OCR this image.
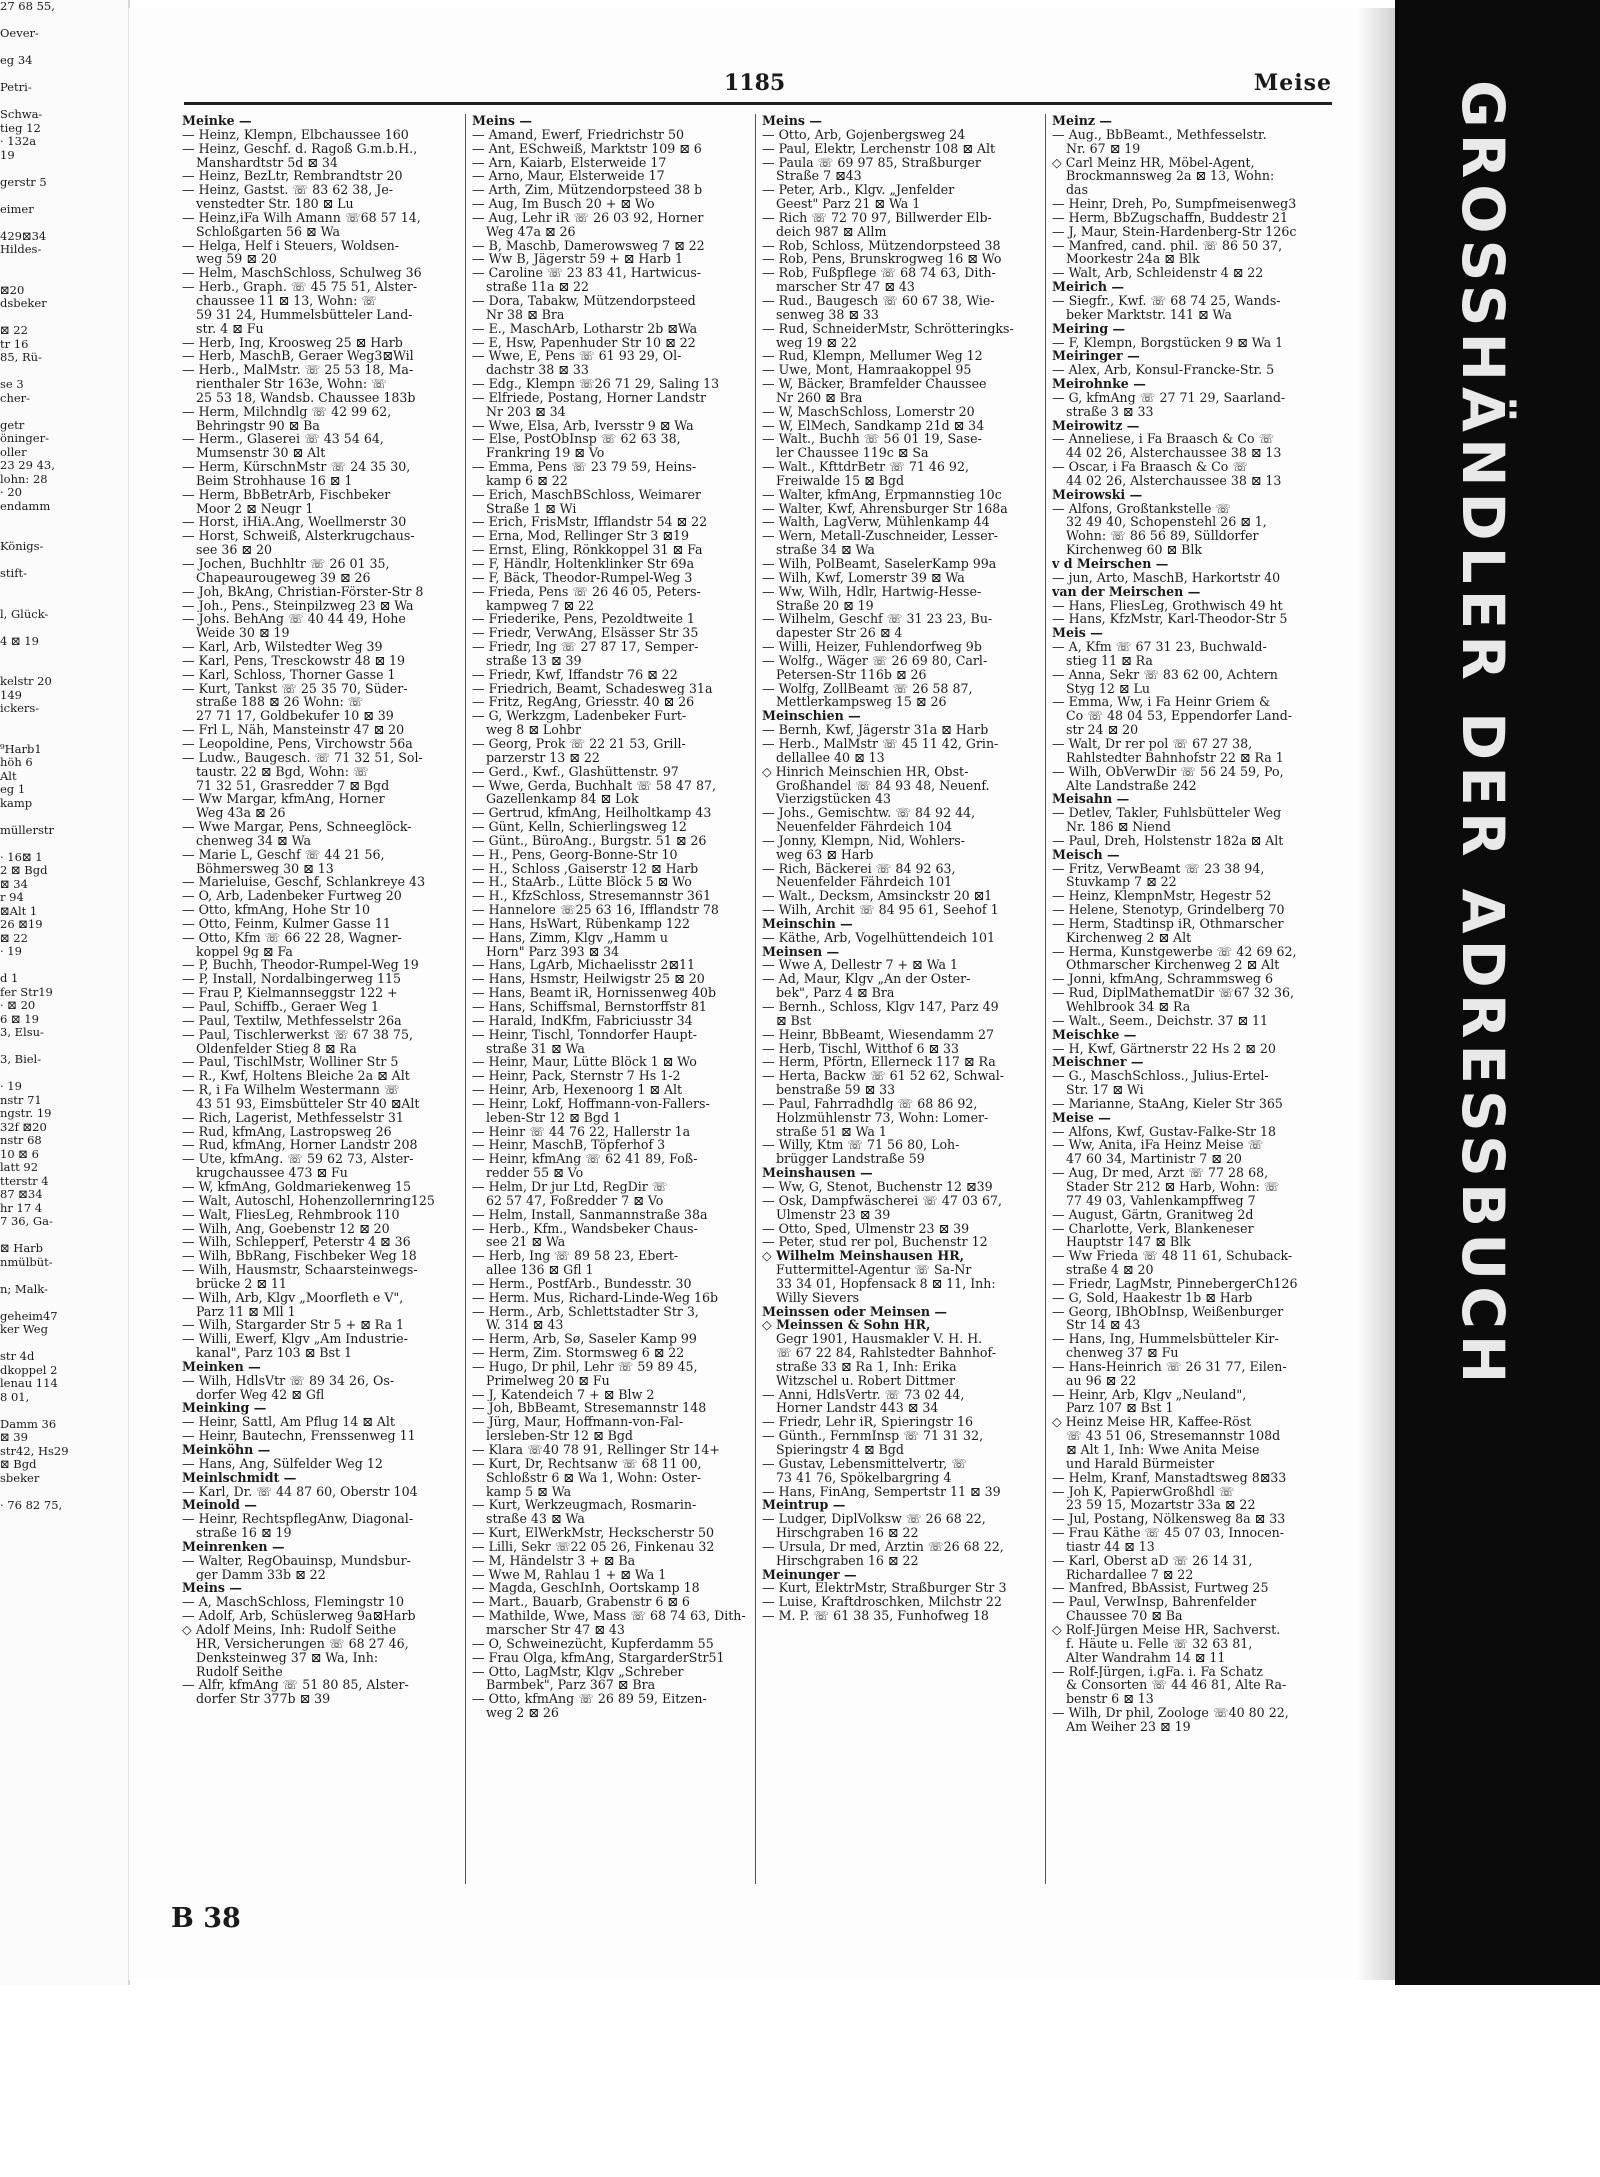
27 68 55,

Oever-

eg 34

Petri-

Schwa-
tieg 12
· 132a
19

gerstr 5

eimer

429⊠34
Hildes-

⊠20
dsbeker

⊠ 22
tr 16
85, Rü-

se 3
cher-

getr
öninger-
oller
23 29 43,
lohn: 28
· 20
endamm

Königs-

stift-

l, Glück-

4 ⊠ 19

kelstr 20
149
ickers-

⁹Harb1
höh 6
Alt
eg 1
kamp

müllerstr

· 16⊠ 1
2 ⊠ Bgd
⊠ 34
r 94
⊠Alt 1
26 ⊠19
⊠ 22
· 19

d 1
fer Str19
· ⊠ 20
6 ⊠ 19
3, Elsu-

3, Biel-

· 19
nstr 71
ngstr. 19
32f ⊠20
nstr 68
10 ⊠ 6
latt 92
tterstr 4
87 ⊠34
hr 17 4
7 36, Ga-

⊠ Harb
nmülbüt-

n; Malk-

geheim47
ker Weg

str 4d
dkoppel 2
lenau 114
8 01,

Damm 36
⊠ 39
str42, Hs29
⊠ Bgd
sbeker

· 76 82 75,
1185	Meise
Meinke —
— Heinz, Klempn, Elbchaussee 160
— Heinz, Geschf. d. Ragoß G.m.b.H.,
Manshardtstr 5d ⊠ 34
— Heinz, BezLtr, Rembrandtstr 20
— Heinz, Gastst. ☏ 83 62 38, Je-
venstedter Str. 180 ⊠ Lu
— Heinz,iFa Wilh Amann ☏68 57 14,
Schloßgarten 56 ⊠ Wa
— Helga, Helf i Steuers, Woldsen-
weg 59 ⊠ 20
— Helm, MaschSchloss, Schulweg 36
— Herb., Graph. ☏ 45 75 51, Alster-
chaussee 11 ⊠ 13, Wohn: ☏
59 31 24, Hummelsbütteler Land-
str. 4 ⊠ Fu
— Herb, Ing, Kroosweg 25 ⊠ Harb
— Herb, MaschB, Geraer Weg3⊠Wil
— Herb., MalMstr. ☏ 25 53 18, Ma-
rienthaler Str 163e, Wohn: ☏
25 53 18, Wandsb. Chaussee 183b
— Herm, Milchndlg ☏ 42 99 62,
Behringstr 90 ⊠ Ba
— Herm., Glaserei ☏ 43 54 64,
Mumsenstr 30 ⊠ Alt
— Herm, KürschnMstr ☏ 24 35 30,
Beim Strohhause 16 ⊠ 1
— Herm, BbBetrArb, Fischbeker
Moor 2 ⊠ Neugr 1
— Horst, iHiA.Ang, Woellmerstr 30
— Horst, Schweiß, Alsterkrugchaus-
see 36 ⊠ 20
— Jochen, Buchhltr ☏ 26 01 35,
Chapeaurougeweg 39 ⊠ 26
— Joh, BkAng, Christian-Förster-Str 8
— Joh., Pens., Steinpilzweg 23 ⊠ Wa
— Johs. BehAng ☏ 40 44 49, Hohe
Weide 30 ⊠ 19
— Karl, Arb, Wilstedter Weg 39
— Karl, Pens, Tresckowstr 48 ⊠ 19
— Karl, Schloss, Thorner Gasse 1
— Kurt, Tankst ☏ 25 35 70, Süder-
straße 188 ⊠ 26 Wohn: ☏
27 71 17, Goldbekufer 10 ⊠ 39
— Frl L, Näh, Mansteinstr 47 ⊠ 20
— Leopoldine, Pens, Virchowstr 56a
— Ludw., Baugesch. ☏ 71 32 51, Sol-
taustr. 22 ⊠ Bgd, Wohn: ☏
71 32 51, Grasredder 7 ⊠ Bgd
— Ww Margar, kfmAng, Horner
Weg 43a ⊠ 26
— Wwe Margar, Pens, Schneeglöck-
chenweg 34 ⊠ Wa
— Marie L, Geschf ☏ 44 21 56,
Böhmersweg 30 ⊠ 13
— Marieluise, Geschf, Schlankreye 43
— O, Arb, Ladenbeker Furtweg 20
— Otto, kfmAng, Hohe Str 10
— Otto, Feinm, Kulmer Gasse 11
— Otto, Kfm ☏ 66 22 28, Wagner-
koppel 9g ⊠ Fa
— P, Buchh, Theodor-Rumpel-Weg 19
— P, Install, Nordalbingerweg 115
— Frau P, Kielmannseggstr 122 +
— Paul, Schiffb., Geraer Weg 1
— Paul, Textilw, Methfesselstr 26a
— Paul, Tischlerwerkst ☏ 67 38 75,
Oldenfelder Stieg 8 ⊠ Ra
— Paul, TischlMstr, Wolliner Str 5
— R., Kwf, Holtens Bleiche 2a ⊠ Alt
— R, i Fa Wilhelm Westermann ☏
43 51 93, Eimsbütteler Str 40 ⊠Alt
— Rich, Lagerist, Methfesselstr 31
— Rud, kfmAng, Lastropsweg 26
— Rud, kfmAng, Horner Landstr 208
— Ute, kfmAng. ☏ 59 62 73, Alster-
krugchaussee 473 ⊠ Fu
— W, kfmAng, Goldmariekenweg 15
— Walt, Autoschl, Hohenzollernring125
— Walt, FliesLeg, Rehmbrook 110
— Wilh, Ang, Goebenstr 12 ⊠ 20
— Wilh, Schlepperf, Peterstr 4 ⊠ 36
— Wilh, BbRang, Fischbeker Weg 18
— Wilh, Hausmstr, Schaarsteinwegs-
brücke 2 ⊠ 11
— Wilh, Arb, Klgv „Moorfleth e V",
Parz 11 ⊠ Mll 1
— Wilh, Stargarder Str 5 + ⊠ Ra 1
— Willi, Ewerf, Klgv „Am Industrie-
kanal", Parz 103 ⊠ Bst 1
Meinken —
— Wilh, HdlsVtr ☏ 89 34 26, Os-
dorfer Weg 42 ⊠ Gfl
Meinking —
— Heinr, Sattl, Am Pflug 14 ⊠ Alt
— Heinr, Bautechn, Frenssenweg 11
Meinköhn —
— Hans, Ang, Sülfelder Weg 12
Meinlschmidt —
— Karl, Dr. ☏ 44 87 60, Oberstr 104
Meinold —
— Heinr, RechtspflegAnw, Diagonal-
straße 16 ⊠ 19
Meinrenken —
— Walter, RegObauinsp, Mundsbur-
ger Damm 33b ⊠ 22
Meins —
— A, MaschSchloss, Flemingstr 10
— Adolf, Arb, Schüslerweg 9a⊠Harb
◇ Adolf Meins, Inh: Rudolf Seithe
HR, Versicherungen ☏ 68 27 46,
Denksteinweg 37 ⊠ Wa, Inh:
Rudolf Seithe
— Alfr, kfmAng ☏ 51 80 85, Alster-
dorfer Str 377b ⊠ 39
Meins —
— Amand, Ewerf, Friedrichstr 50
— Ant, ESchweiß, Marktstr 109 ⊠ 6
— Arn, Kaiarb, Elsterweide 17
— Arno, Maur, Elsterweide 17
— Arth, Zim, Mützendorpsteed 38 b
— Aug, Im Busch 20 + ⊠ Wo
— Aug, Lehr iR ☏ 26 03 92, Horner
Weg 47a ⊠ 26
— B, Maschb, Damerowsweg 7 ⊠ 22
— Ww B, Jägerstr 59 + ⊠ Harb 1
— Caroline ☏ 23 83 41, Hartwicus-
straße 11a ⊠ 22
— Dora, Tabakw, Mützendorpsteed
Nr 38 ⊠ Bra
— E., MaschArb, Lotharstr 2b ⊠Wa
— E, Hsw, Papenhuder Str 10 ⊠ 22
— Wwe, E, Pens ☏ 61 93 29, Ol-
dachstr 38 ⊠ 33
— Edg., Klempn ☏26 71 29, Saling 13
— Elfriede, Postang, Horner Landstr
Nr 203 ⊠ 34
— Wwe, Elsa, Arb, Iversstr 9 ⊠ Wa
— Else, PostObInsp ☏ 62 63 38,
Frankring 19 ⊠ Vo
— Emma, Pens ☏ 23 79 59, Heins-
kamp 6 ⊠ 22
— Erich, MaschBSchloss, Weimarer
Straße 1 ⊠ Wi
— Erich, FrisMstr, Ifflandstr 54 ⊠ 22
— Erna, Mod, Rellinger Str 3 ⊠19
— Ernst, Eling, Rönkkoppel 31 ⊠ Fa
— F, Händlr, Holtenklinker Str 69a
— F, Bäck, Theodor-Rumpel-Weg 3
— Frieda, Pens ☏ 26 46 05, Peters-
kampweg 7 ⊠ 22
— Friederike, Pens, Pezoldtweite 1
— Friedr, VerwAng, Elsässer Str 35
— Friedr, Ing ☏ 27 87 17, Semper-
straße 13 ⊠ 39
— Friedr, Kwf, Iffandstr 76 ⊠ 22
— Friedrich, Beamt, Schadesweg 31a
— Fritz, RegAng, Griesstr. 40 ⊠ 26
— G, Werkzgm, Ladenbeker Furt-
weg 8 ⊠ Lohbr
— Georg, Prok ☏ 22 21 53, Grill-
parzerstr 13 ⊠ 22
— Gerd., Kwf., Glashüttenstr. 97
— Wwe, Gerda, Buchhalt ☏ 58 47 87,
Gazellenkamp 84 ⊠ Lok
— Gertrud, kfmAng, Heilholtkamp 43
— Günt, Kelln, Schierlingsweg 12
— Günt., BüroAng., Burgstr. 51 ⊠ 26
— H., Pens, Georg-Bonne-Str 10
— H., Schloss ,Gaiserstr 12 ⊠ Harb
— H., StaArb., Lütte Blöck 5 ⊠ Wo
— H., KfzSchloss, Stresemannstr 361
— Hannelore ☏25 63 16, Ifflandstr 78
— Hans, HsWart, Rübenkamp 122
— Hans, Zimm, Klgv „Hamm u
Horn" Parz 393 ⊠ 34
— Hans, LgArb, Michaelisstr 2⊠11
— Hans, Hsmstr, Heilwigstr 25 ⊠ 20
— Hans, Beamt iR, Hornissenweg 40b
— Hans, Schiffsmal, Bernstorffstr 81
— Harald, IndKfm, Fabriciusstr 34
— Heinr, Tischl, Tonndorfer Haupt-
straße 31 ⊠ Wa
— Heinr, Maur, Lütte Blöck 1 ⊠ Wo
— Heinr, Pack, Sternstr 7 Hs 1-2
— Heinr, Arb, Hexenoorg 1 ⊠ Alt
— Heinr, Lokf, Hoffmann-von-Fallers-
leben-Str 12 ⊠ Bgd 1
— Heinr ☏ 44 76 22, Hallerstr 1a
— Heinr, MaschB, Töpferhof 3
— Heinr, kfmAng ☏ 62 41 89, Foß-
redder 55 ⊠ Vo
— Helm, Dr jur Ltd, RegDir ☏
62 57 47, Foßredder 7 ⊠ Vo
— Helm, Install, Sanmannstraße 38a
— Herb., Kfm., Wandsbeker Chaus-
see 21 ⊠ Wa
— Herb, Ing ☏ 89 58 23, Ebert-
allee 136 ⊠ Gfl 1
— Herm., PostfArb., Bundesstr. 30
— Herm. Mus, Richard-Linde-Weg 16b
— Herm., Arb, Schlettstadter Str 3,
W. 314 ⊠ 43
— Herm, Arb, Sø, Saseler Kamp 99
— Herm, Zim. Stormsweg 6 ⊠ 22
— Hugo, Dr phil, Lehr ☏ 59 89 45,
Primelweg 20 ⊠ Fu
— J, Katendeich 7 + ⊠ Blw 2
— Joh, BbBeamt, Stresemannstr 148
— Jürg, Maur, Hoffmann-von-Fal-
lersleben-Str 12 ⊠ Bgd
— Klara ☏40 78 91, Rellinger Str 14+
— Kurt, Dr, Rechtsanw ☏ 68 11 00,
Schloßstr 6 ⊠ Wa 1, Wohn: Oster-
kamp 5 ⊠ Wa
— Kurt, Werkzeugmach, Rosmarin-
straße 43 ⊠ Wa
— Kurt, ElWerkMstr, Heckscherstr 50
— Lilli, Sekr ☏22 05 26, Finkenau 32
— M, Händelstr 3 + ⊠ Ba
— Wwe M, Rahlau 1 + ⊠ Wa 1
— Magda, GeschInh, Oortskamp 18
— Mart., Bauarb, Grabenstr 6 ⊠ 6
— Mathilde, Wwe, Mass ☏ 68 74 63, Dith-
marscher Str 47 ⊠ 43
— O, Schweinezücht, Kupferdamm 55
— Frau Olga, kfmAng, StargarderStr51
— Otto, LagMstr, Klgv „Schreber
Barmbek", Parz 367 ⊠ Bra
— Otto, kfmAng ☏ 26 89 59, Eitzen-
weg 2 ⊠ 26
Meins —
— Otto, Arb, Gojenbergsweg 24
— Paul, Elektr, Lerchenstr 108 ⊠ Alt
— Paula ☏ 69 97 85, Straßburger
Straße 7 ⊠43
— Peter, Arb., Klgv. „Jenfelder
Geest" Parz 21 ⊠ Wa 1
— Rich ☏ 72 70 97, Billwerder Elb-
deich 987 ⊠ Allm
— Rob, Schloss, Mützendorpsteed 38
— Rob, Pens, Brunskrogweg 16 ⊠ Wo
— Rob, Fußpflege ☏ 68 74 63, Dith-
marscher Str 47 ⊠ 43
— Rud., Baugesch ☏ 60 67 38, Wie-
senweg 38 ⊠ 33
— Rud, SchneiderMstr, Schrötteringks-
weg 19 ⊠ 22
— Rud, Klempn, Mellumer Weg 12
— Uwe, Mont, Hamraakoppel 95
— W, Bäcker, Bramfelder Chaussee
Nr 260 ⊠ Bra
— W, MaschSchloss, Lomerstr 20
— W, ElMech, Sandkamp 21d ⊠ 34
— Walt., Buchh ☏ 56 01 19, Sase-
ler Chaussee 119c ⊠ Sa
— Walt., KfttdrBetr ☏ 71 46 92,
Freiwalde 15 ⊠ Bgd
— Walter, kfmAng, Erpmannstieg 10c
— Walter, Kwf, Ahrensburger Str 168a
— Walth, LagVerw, Mühlenkamp 44
— Wern, Metall-Zuschneider, Lesser-
straße 34 ⊠ Wa
— Wilh, PolBeamt, SaselerKamp 99a
— Wilh, Kwf, Lomerstr 39 ⊠ Wa
— Ww, Wilh, Hdlr, Hartwig-Hesse-
Straße 20 ⊠ 19
— Wilhelm, Geschf ☏ 31 23 23, Bu-
dapester Str 26 ⊠ 4
— Willi, Heizer, Fuhlendorfweg 9b
— Wolfg., Wäger ☏ 26 69 80, Carl-
Petersen-Str 116b ⊠ 26
— Wolfg, ZollBeamt ☏ 26 58 87,
Mettlerkampsweg 15 ⊠ 26
Meinschien —
— Bernh, Kwf, Jägerstr 31a ⊠ Harb
— Herb., MalMstr ☏ 45 11 42, Grin-
dellallee 40 ⊠ 13
◇ Hinrich Meinschien HR, Obst-
Großhandel ☏ 84 93 48, Neuenf.
Vierzigstücken 43
— Johs., Gemischtw. ☏ 84 92 44,
Neuenfelder Fährdeich 104
— Jonny, Klempn, Nid, Wohlers-
weg 63 ⊠ Harb
— Rich, Bäckerei ☏ 84 92 63,
Neuenfelder Fährdeich 101
— Walt., Decksm, Amsinckstr 20 ⊠1
— Wilh, Archit ☏ 84 95 61, Seehof 1
Meinschin —
— Käthe, Arb, Vogelhüttendeich 101
Meinsen —
— Wwe A, Dellestr 7 + ⊠ Wa 1
— Ad, Maur, Klgv „An der Oster-
bek", Parz 4 ⊠ Bra
— Bernh., Schloss, Klgv 147, Parz 49
⊠ Bst
— Heinr, BbBeamt, Wiesendamm 27
— Herb, Tischl, Witthof 6 ⊠ 33
— Herm, Pförtn, Ellerneck 117 ⊠ Ra
— Herta, Backw ☏ 61 52 62, Schwal-
benstraße 59 ⊠ 33
— Paul, Fahrradhdlg ☏ 68 86 92,
Holzmühlenstr 73, Wohn: Lomer-
straße 51 ⊠ Wa 1
— Willy, Ktm ☏ 71 56 80, Loh-
brügger Landstraße 59
Meinshausen —
— Ww, G, Stenot, Buchenstr 12 ⊠39
— Osk, Dampfwäscherei ☏ 47 03 67,
Ulmenstr 23 ⊠ 39
— Otto, Sped, Ulmenstr 23 ⊠ 39
— Peter, stud rer pol, Buchenstr 12
◇ Wilhelm Meinshausen HR,
Futtermittel-Agentur ☏ Sa-Nr
33 34 01, Hopfensack 8 ⊠ 11, Inh:
Willy Sievers
Meinssen oder Meinsen —
◇ Meinssen & Sohn HR,
Gegr 1901, Hausmakler V. H. H.
☏ 67 22 84, Rahlstedter Bahnhof-
straße 33 ⊠ Ra 1, Inh: Erika
Witzschel u. Robert Dittmer
— Anni, HdlsVertr. ☏ 73 02 44,
Horner Landstr 443 ⊠ 34
— Friedr, Lehr iR, Spieringstr 16
— Günth., FernmInsp ☏ 71 31 32,
Spieringstr 4 ⊠ Bgd
— Gustav, Lebensmittelvertr, ☏
73 41 76, Spökelbargring 4
— Hans, FinAng, Sempertstr 11 ⊠ 39
Meintrup —
— Ludger, DiplVolksw ☏ 26 68 22,
Hirschgraben 16 ⊠ 22
— Ursula, Dr med, Ärztin ☏26 68 22,
Hirschgraben 16 ⊠ 22
Meinunger —
— Kurt, ElektrMstr, Straßburger Str 3
— Luise, Kraftdroschken, Milchstr 22
— M. P. ☏ 61 38 35, Funhofweg 18
Meinz —
— Aug., BbBeamt., Methfesselstr.
Nr. 67 ⊠ 19
◇ Carl Meinz HR, Möbel-Agent,
Brockmannsweg 2a ⊠ 13, Wohn:
das
— Heinr, Dreh, Po, Sumpfmeisenweg3
— Herm, BbZugschaffn, Buddestr 21
— J, Maur, Stein-Hardenberg-Str 126c
— Manfred, cand. phil. ☏ 86 50 37,
Moorkestr 24a ⊠ Blk
— Walt, Arb, Schleidenstr 4 ⊠ 22
Meirich —
— Siegfr., Kwf. ☏ 68 74 25, Wands-
beker Marktstr. 141 ⊠ Wa
Meiring —
— F, Klempn, Borgstücken 9 ⊠ Wa 1
Meiringer —
— Alex, Arb, Konsul-Francke-Str. 5
Meirohnke —
— G, kfmAng ☏ 27 71 29, Saarland-
straße 3 ⊠ 33
Meirowitz —
— Anneliese, i Fa Braasch & Co ☏
44 02 26, Alsterchaussee 38 ⊠ 13
— Oscar, i Fa Braasch & Co ☏
44 02 26, Alsterchaussee 38 ⊠ 13
Meirowski —
— Alfons, Großtankstelle ☏
32 49 40, Schopenstehl 26 ⊠ 1,
Wohn: ☏ 86 56 89, Sülldorfer
Kirchenweg 60 ⊠ Blk
v d Meirschen —
— jun, Arto, MaschB, Harkortstr 40
van der Meirschen —
— Hans, FliesLeg, Grothwisch 49 ht
— Hans, KfzMstr, Karl-Theodor-Str 5
Meis —
— A, Kfm ☏ 67 31 23, Buchwald-
stieg 11 ⊠ Ra
— Anna, Sekr ☏ 83 62 00, Achtern
Styg 12 ⊠ Lu
— Emma, Ww, i Fa Heinr Griem &
Co ☏ 48 04 53, Eppendorfer Land-
str 24 ⊠ 20
— Walt, Dr rer pol ☏ 67 27 38,
Rahlstedter Bahnhofstr 22 ⊠ Ra 1
— Wilh, ObVerwDir ☏ 56 24 59, Po,
Alte Landstraße 242
Meisahn —
— Detlev, Takler, Fuhlsbütteler Weg
Nr. 186 ⊠ Niend
— Paul, Dreh, Holstenstr 182a ⊠ Alt
Meisch —
— Fritz, VerwBeamt ☏ 23 38 94,
Stuvkamp 7 ⊠ 22
— Heinz, KlempnMstr, Hegestr 52
— Helene, Stenotyp, Grindelberg 70
— Herm, Stadtinsp iR, Othmarscher
Kirchenweg 2 ⊠ Alt
— Herma, Kunstgewerbe ☏ 42 69 62,
Othmarscher Kirchenweg 2 ⊠ Alt
— Jonni, kfmAng, Schrammsweg 6
— Rud, DiplMathematDir ☏67 32 36,
Wehlbrook 34 ⊠ Ra
— Walt., Seem., Deichstr. 37 ⊠ 11
Meischke —
— H, Kwf, Gärtnerstr 22 Hs 2 ⊠ 20
Meischner —
— G., MaschSchloss., Julius-Ertel-
Str. 17 ⊠ Wi
— Marianne, StaAng, Kieler Str 365
Meise —
— Alfons, Kwf, Gustav-Falke-Str 18
— Ww, Anita, iFa Heinz Meise ☏
47 60 34, Martinistr 7 ⊠ 20
— Aug, Dr med, Arzt ☏ 77 28 68,
Stader Str 212 ⊠ Harb, Wohn: ☏
77 49 03, Vahlenkampffweg 7
— August, Gärtn, Granitweg 2d
— Charlotte, Verk, Blankeneser
Hauptstr 147 ⊠ Blk
— Ww Frieda ☏ 48 11 61, Schuback-
straße 4 ⊠ 20
— Friedr, LagMstr, PinnebergerCh126
— G, Sold, Haakestr 1b ⊠ Harb
— Georg, IBhObInsp, Weißenburger
Str 14 ⊠ 43
— Hans, Ing, Hummelsbütteler Kir-
chenweg 37 ⊠ Fu
— Hans-Heinrich ☏ 26 31 77, Eilen-
au 96 ⊠ 22
— Heinr, Arb, Klgv „Neuland",
Parz 107 ⊠ Bst 1
◇ Heinz Meise HR, Kaffee-Röst
☏ 43 51 06, Stresemannstr 108d
⊠ Alt 1, Inh: Wwe Anita Meise
und Harald Bürmeister
— Helm, Kranf, Manstadtsweg 8⊠33
— Joh K, PapierwGroßhdl ☏
23 59 15, Mozartstr 33a ⊠ 22
— Jul, Postang, Nölkensweg 8a ⊠ 33
— Frau Käthe ☏ 45 07 03, Innocen-
tiastr 44 ⊠ 13
— Karl, Oberst aD ☏ 26 14 31,
Richardallee 7 ⊠ 22
— Manfred, BbAssist, Furtweg 25
— Paul, VerwInsp, Bahrenfelder
Chaussee 70 ⊠ Ba
◇ Rolf-Jürgen Meise HR, Sachverst.
f. Häute u. Felle ☏ 32 63 81,
Alter Wandrahm 14 ⊠ 11
— Rolf-Jürgen, i.gFa. i. Fa Schatz
& Consorten ☏ 44 46 81, Alte Ra-
benstr 6 ⊠ 13
— Wilh, Dr phil, Zoologe ☏40 80 22,
Am Weiher 23 ⊠ 19
B 38
GROSSHÄNDLER DER ADRESSBUCH
